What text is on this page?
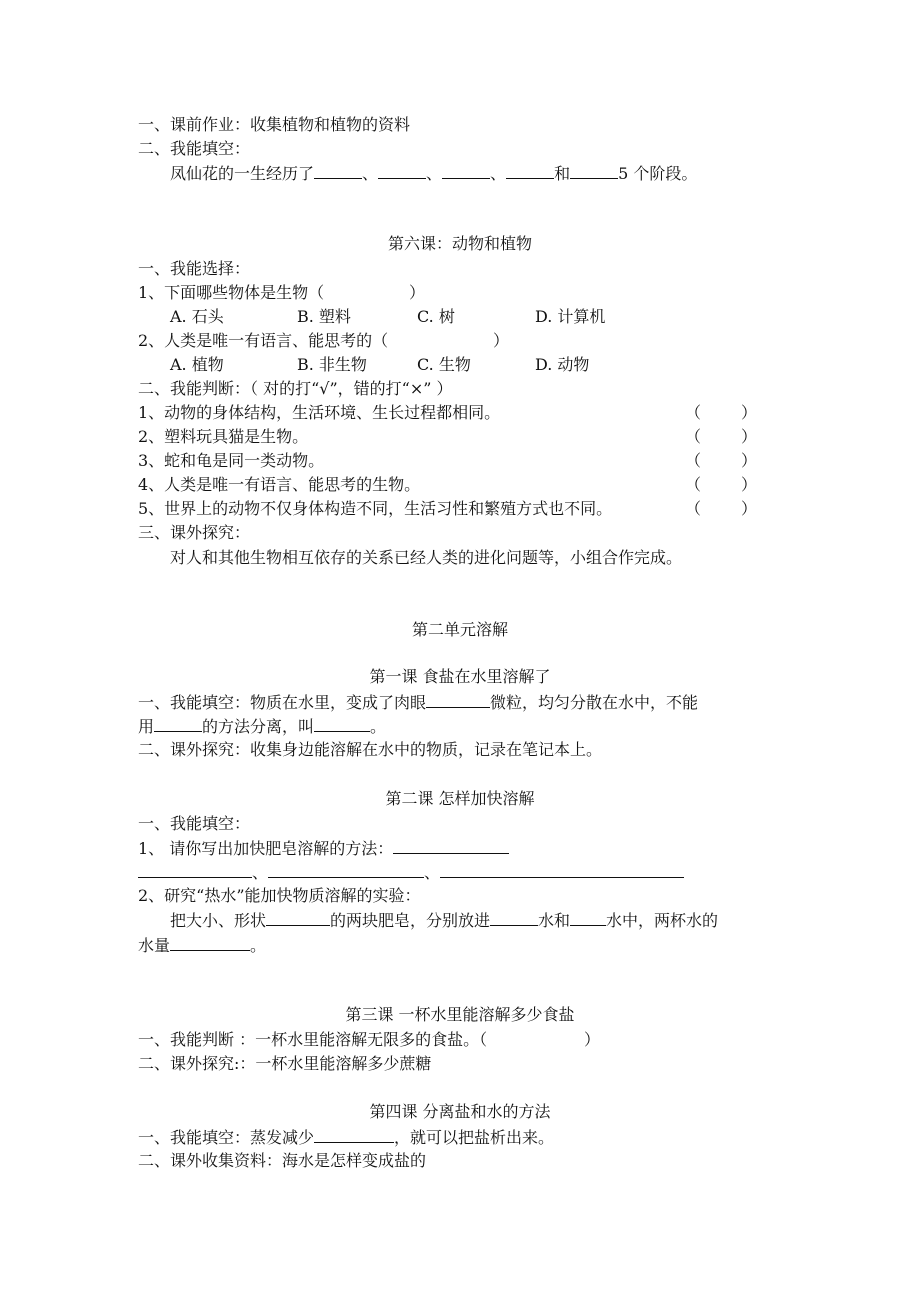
一、课前作业：收集植物和植物的资料
二、我能填空：
凤仙花的一生经历了	、	、	、	和	5 个阶段。
第六课：动物和植物
一、我能选择：
1、下面哪些物体是生物（	）
A. 石头	B. 塑料	C. 树	D. 计算机
2、人类是唯一有语言、能思考的（	）
A. 植物	B. 非生物	C. 生物	D. 动物
二、我能判断：（ 对的打“√”，错的打“×” ）
1、动物的身体结构，生活环境、生长过程都相同。	（ ）
2、塑料玩具猫是生物。	（ ）
3、蛇和龟是同一类动物。	（ ）
4、人类是唯一有语言、能思考的生物。	（ ）
5、世界上的动物不仅身体构造不同，生活习性和繁殖方式也不同。	（ ）
三、课外探究：
对人和其他生物相互依存的关系已经人类的进化问题等，小组合作完成。
第二单元溶解
第一课 食盐在水里溶解了
一、我能填空：物质在水里，变成了肉眼	微粒，均匀分散在水中，不能
用	的方法分离，叫	。
二、课外探究：收集身边能溶解在水中的物质，记录在笔记本上。
第二课 怎样加快溶解
一、我能填空：
1、 请你写出加快肥皂溶解的方法：
、	、
2、研究“热水”能加快物质溶解的实验：
把大小、形状	的两块肥皂，分别放进	水和 水中，两杯水的
水量	。
第三课 一杯水里能溶解多少食盐
一、我能判断 ：一杯水里能溶解无限多的食盐。（	）
二、课外探究:：一杯水里能溶解多少蔗糖
第四课 分离盐和水的方法
一、我能填空：蒸发减少	，就可以把盐析出来。
二、课外收集资料：海水是怎样变成盐的
